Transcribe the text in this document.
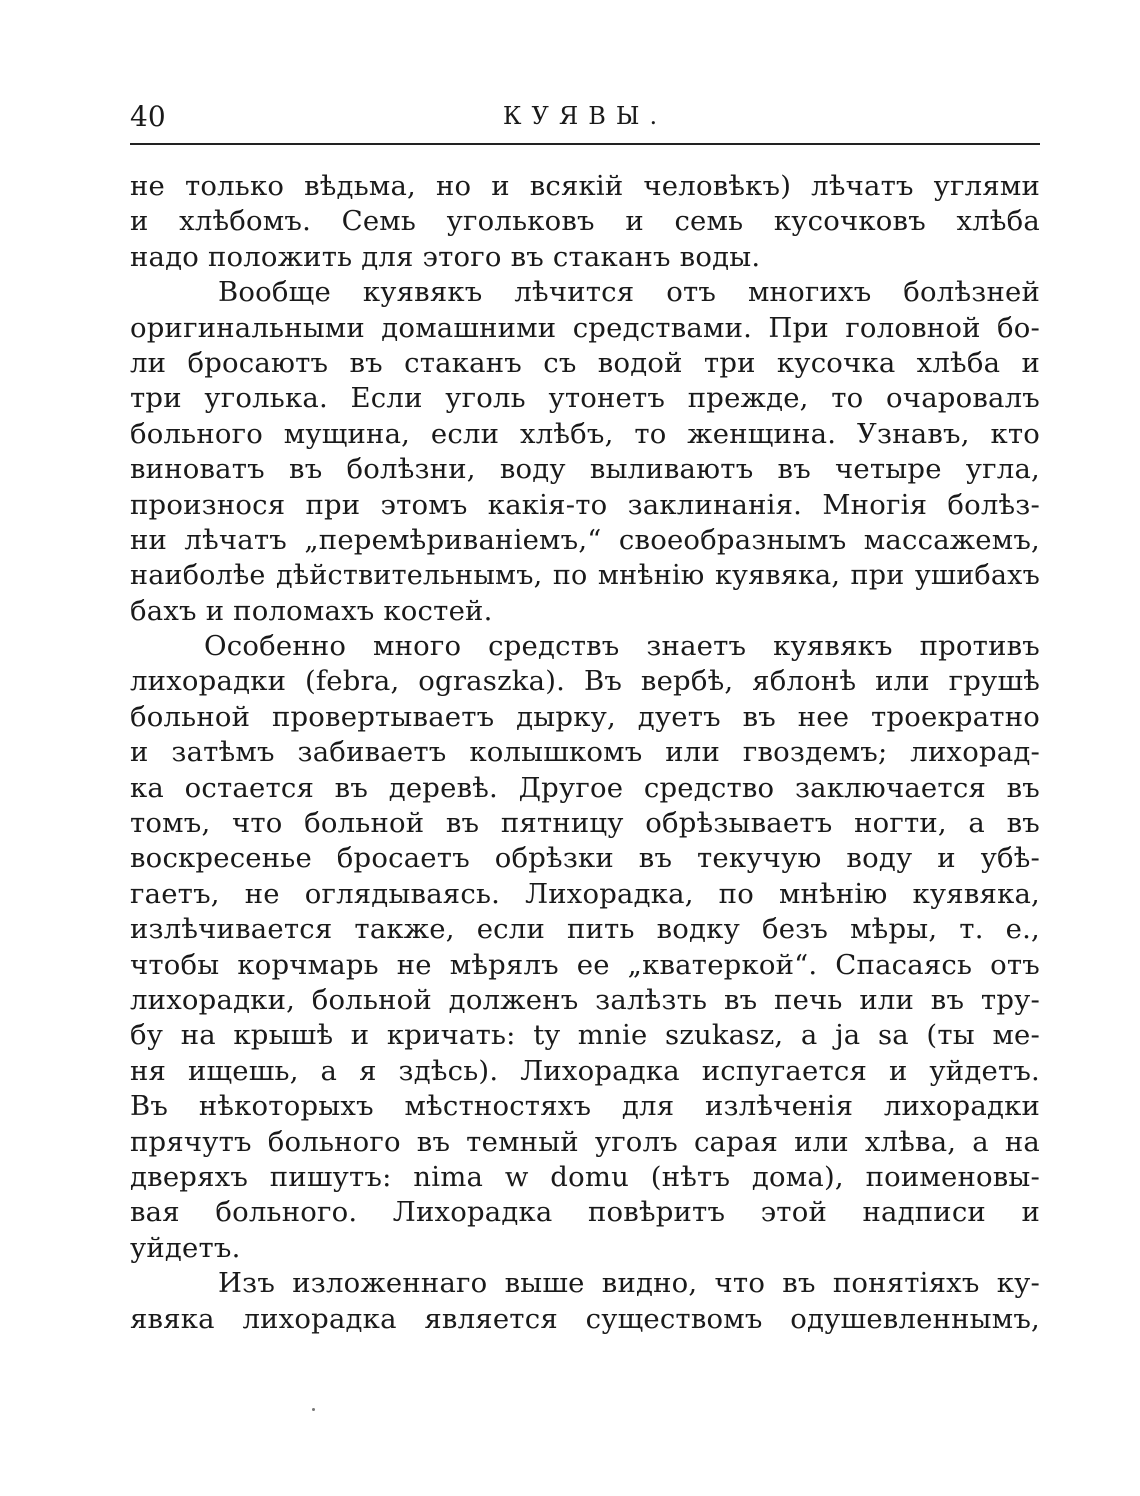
40	КУЯВЫ.
не только вѣдьма, но и всякій человѣкъ) лѣчатъ углями
и хлѣбомъ. Семь угольковъ и семь кусочковъ хлѣба
надо положить для этого въ стаканъ воды.
Вообще куявякъ лѣчится отъ многихъ болѣзней
оригинальными домашними средствами. При головной бо-
ли бросаютъ въ стаканъ съ водой три кусочка хлѣба и
три уголька. Если уголь утонетъ прежде, то очаровалъ
больного мущина, если хлѣбъ, то женщина. Узнавъ, кто
виноватъ въ болѣзни, воду выливаютъ въ четыре угла,
произнося при этомъ какія-то заклинанія. Многія болѣз-
ни лѣчатъ „перемѣриваніемъ,“ своеобразнымъ массажемъ,
наиболѣе дѣйствительнымъ, по мнѣнію куявяка, при ушибахъ
бахъ и поломахъ костей.
Особенно много средствъ знаетъ куявякъ противъ
лихорадки (febra, ograszka). Въ вербѣ, яблонѣ или грушѣ
больной провертываетъ дырку, дуетъ въ нее троекратно
и затѣмъ забиваетъ колышкомъ или гвоздемъ; лихорад-
ка остается въ деревѣ. Другое средство заключается въ
томъ, что больной въ пятницу обрѣзываетъ ногти, а въ
воскресенье бросаетъ обрѣзки въ текучую воду и убѣ-
гаетъ, не оглядываясь. Лихорадка, по мнѣнію куявяка,
излѣчивается также, если пить водку безъ мѣры, т. е.,
чтобы корчмарь не мѣрялъ ее „кватеркой“. Спасаясь отъ
лихорадки, больной долженъ залѣзть въ печь или въ тру-
бу на крышѣ и кричать: ty mnie szukasz, a ja sa (ты ме-
ня ищешь, а я здѣсь). Лихорадка испугается и уйдетъ.
Въ нѣкоторыхъ мѣстностяхъ для излѣченія лихорадки
прячутъ больного въ темный уголъ сарая или хлѣва, а на
дверяхъ пишутъ: nima w domu (нѣтъ дома), поименовы-
вая больного. Лихорадка повѣритъ этой надписи и
уйдетъ.
Изъ изложеннаго выше видно, что въ понятіяхъ ку-
явяка лихорадка является существомъ одушевленнымъ,
